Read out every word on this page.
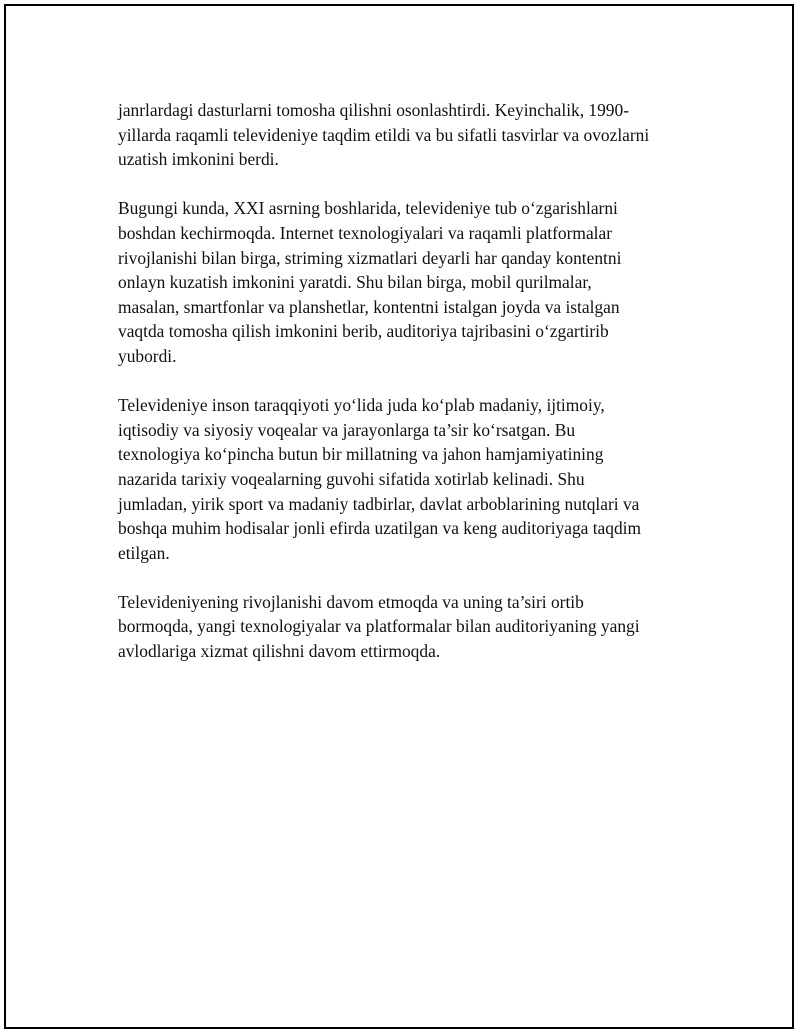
janrlardagi dasturlarni tomosha qilishni osonlashtirdi. Keyinchalik, 1990-
yillarda raqamli televideniye taqdim etildi va bu sifatli tasvirlar va ovozlarni
uzatish imkonini berdi.

Bugungi kunda, XXI asrning boshlarida, televideniye tub o‘zgarishlarni
boshdan kechirmoqda. Internet texnologiyalari va raqamli platformalar
rivojlanishi bilan birga, striming xizmatlari deyarli har qanday kontentni
onlayn kuzatish imkonini yaratdi. Shu bilan birga, mobil qurilmalar,
masalan, smartfonlar va planshetlar, kontentni istalgan joyda va istalgan
vaqtda tomosha qilish imkonini berib, auditoriya tajribasini o‘zgartirib
yubordi.

Televideniye inson taraqqiyoti yo‘lida juda ko‘plab madaniy, ijtimoiy,
iqtisodiy va siyosiy voqealar va jarayonlarga ta’sir ko‘rsatgan. Bu
texnologiya ko‘pincha butun bir millatning va jahon hamjamiyatining
nazarida tarixiy voqealarning guvohi sifatida xotirlab kelinadi. Shu
jumladan, yirik sport va madaniy tadbirlar, davlat arboblarining nutqlari va
boshqa muhim hodisalar jonli efirda uzatilgan va keng auditoriyaga taqdim
etilgan.

Televideniyening rivojlanishi davom etmoqda va uning ta’siri ortib
bormoqda, yangi texnologiyalar va platformalar bilan auditoriyaning yangi
avlodlariga xizmat qilishni davom ettirmoqda.
